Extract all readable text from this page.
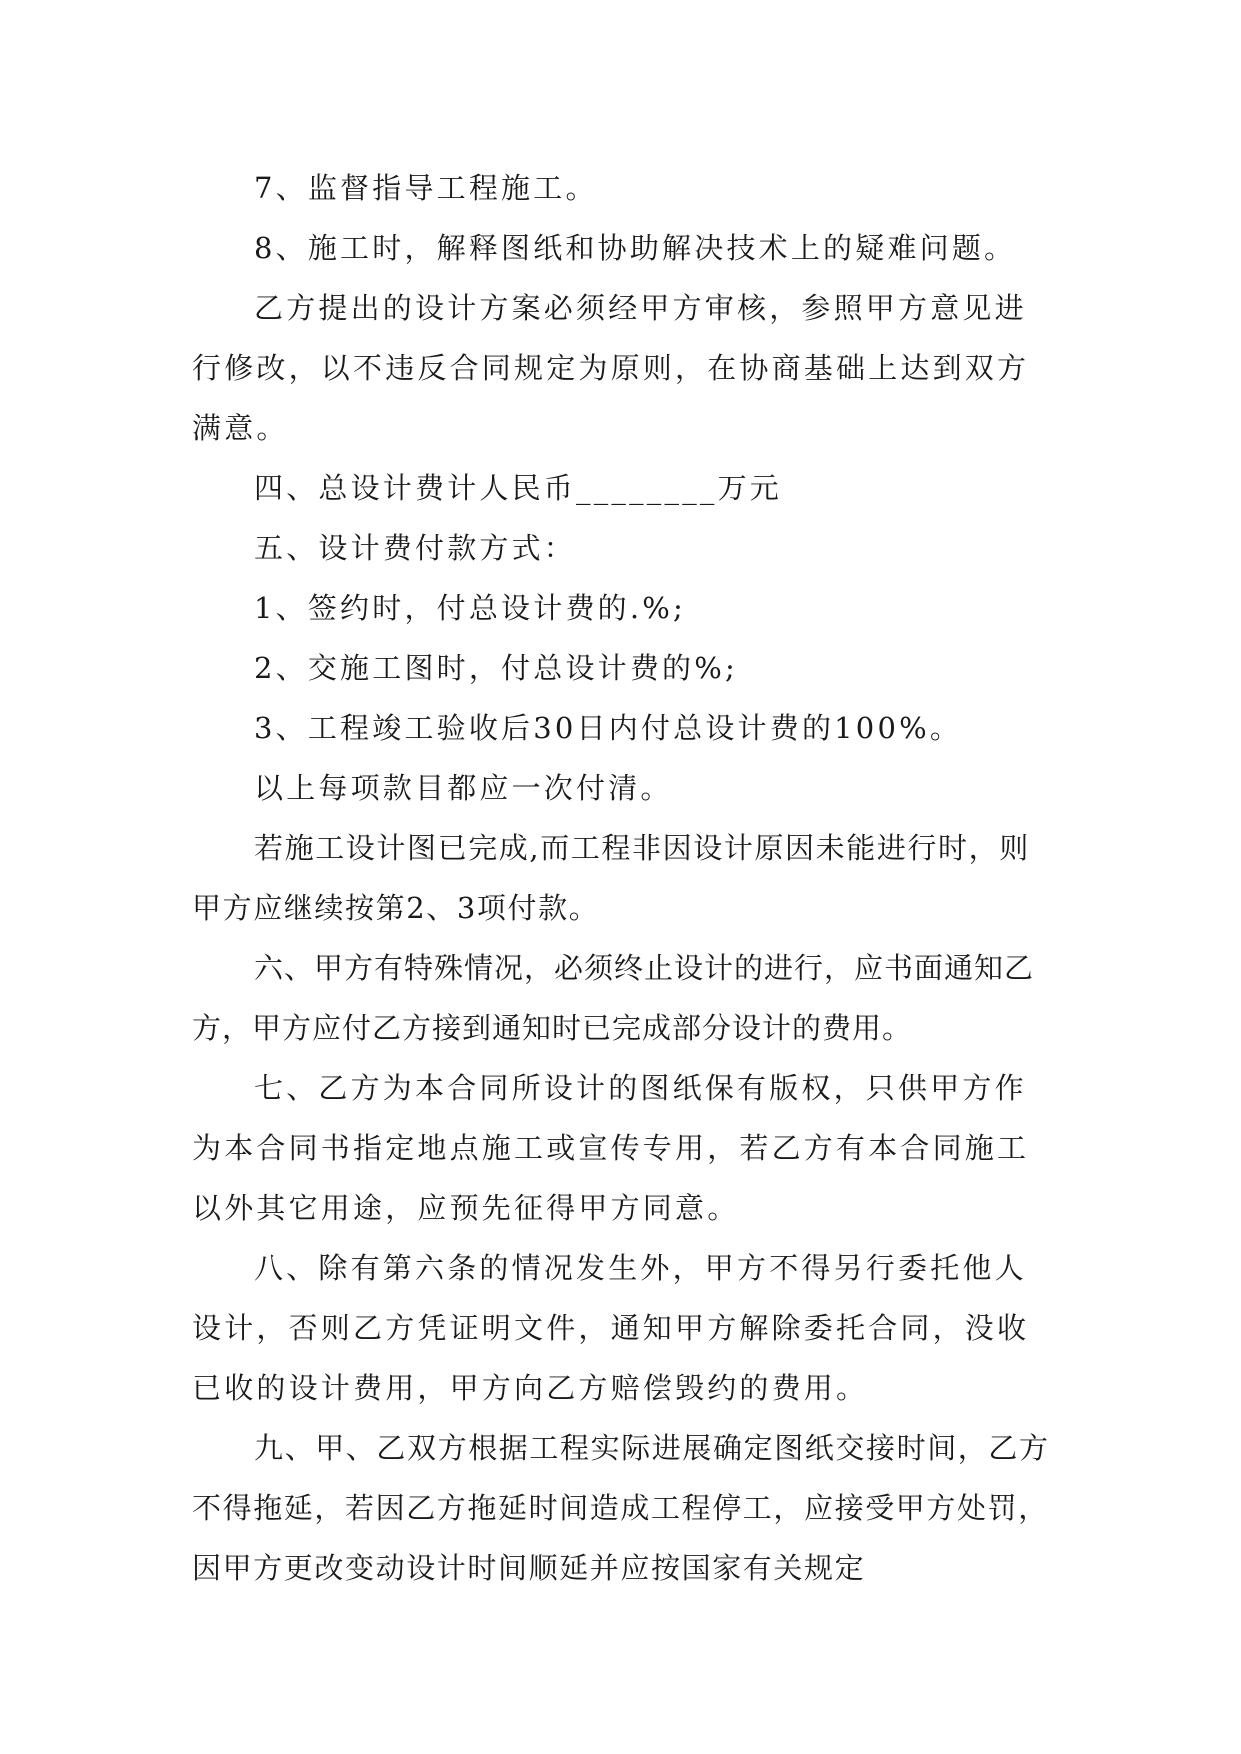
7、监督指导工程施工。

8、施工时，解释图纸和协助解决技术上的疑难问题。

乙方提出的设计方案必须经甲方审核，参照甲方意见进行修改，以不违反合同规定为原则，在协商基础上达到双方满意。

四、总设计费计人民币________万元

五、设计费付款方式：

1、签约时，付总设计费的.%;

2、交施工图时，付总设计费的%;

3、工程竣工验收后30日内付总设计费的100%。

以上每项款目都应一次付清。

若施工设计图已完成,而工程非因设计原因未能进行时，则甲方应继续按第2、3项付款。

六、甲方有特殊情况，必须终止设计的进行，应书面通知乙方，甲方应付乙方接到通知时已完成部分设计的费用。

七、乙方为本合同所设计的图纸保有版权，只供甲方作为本合同书指定地点施工或宣传专用，若乙方有本合同施工以外其它用途，应预先征得甲方同意。

八、除有第六条的情况发生外，甲方不得另行委托他人设计，否则乙方凭证明文件，通知甲方解除委托合同，没收已收的设计费用，甲方向乙方赔偿毁约的费用。

九、甲、乙双方根据工程实际进展确定图纸交接时间，乙方不得拖延，若因乙方拖延时间造成工程停工，应接受甲方处罚，因甲方更改变动设计时间顺延并应按国家有关规定
